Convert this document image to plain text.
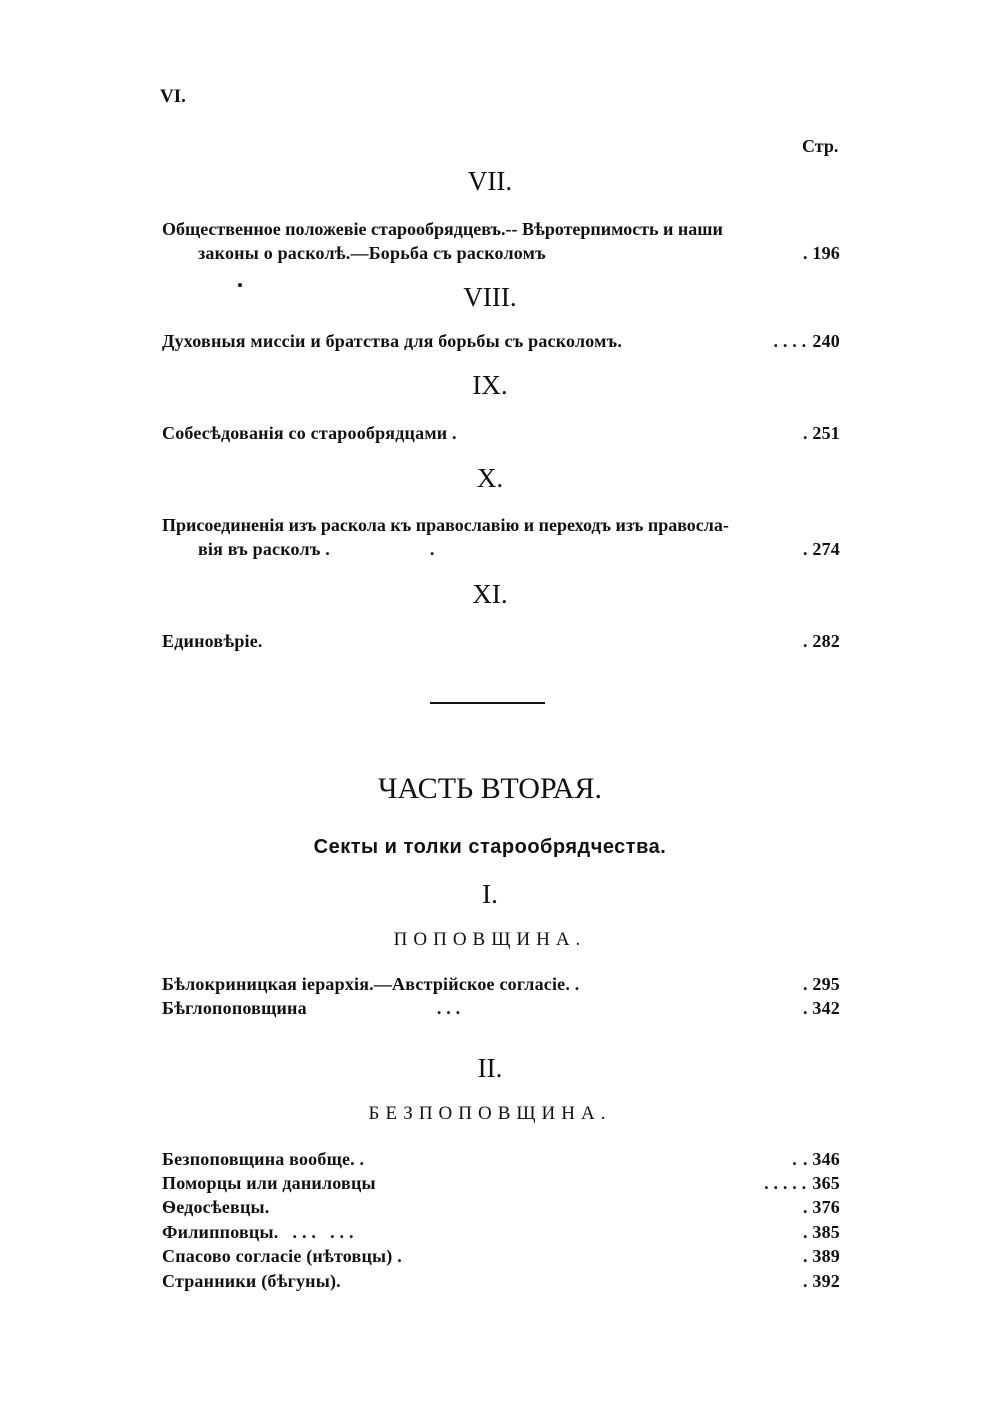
VI.
Стр.
VII.
Общественное положевіе старообрядцевъ.-- Вѣротерпимость и наши
законы о расколѣ.—Борьба съ расколомъ	. 196
VIII.
Духовныя миссіи и братства для борьбы съ расколомъ.	. . . . 240
IX.
Собесѣдованія со старообрядцами .	. 251
X.
Присоединенія изъ раскола къ православію и переходъ изъ правосла-
вія въ расколъ .	.	. 274
XI.
Единовѣріе.	. 282
ЧАСТЬ ВТОРАЯ.
Секты и толки старообрядчества.
I.
ПОПОВЩИНА.
Бѣлокриницкая іерархія.—Австрійское согласіе. .	. 295
Бѣглопоповщина	. . .	. 342
II.
БЕЗПОПОВЩИНА.
Безпоповщина вообще. .	. . 346
Поморцы или даниловцы	. . . . . 365
Ѳедосѣевцы.	. 376
Филипповцы.   . . .   . . .	. 385
Спасово согласіе (нѣтовцы) .	. 389
Странники (бѣгуны).	. 392
